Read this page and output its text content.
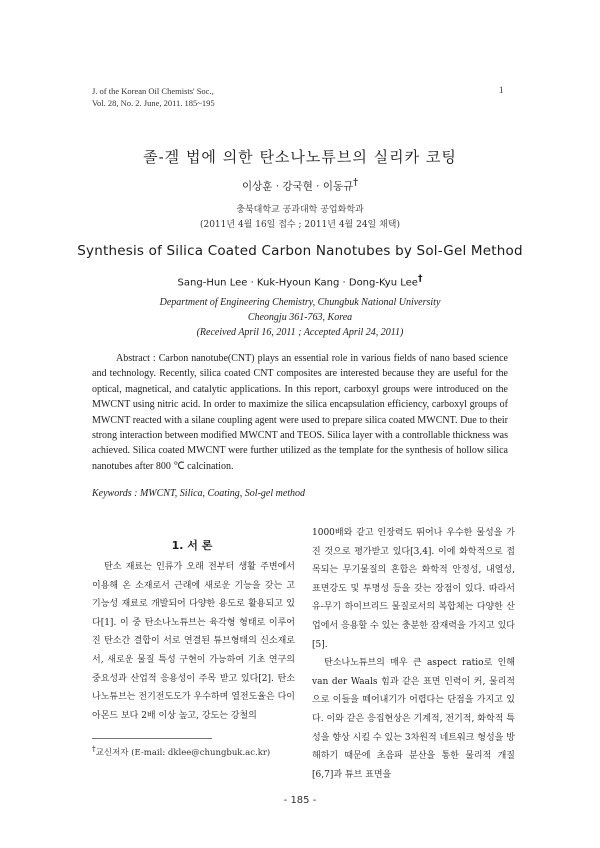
J. of the Korean Oil Chemists' Soc.,
Vol. 28, No. 2. June, 2011. 185~195
1
졸-겔 법에 의한 탄소나노튜브의 실리카 코팅
이상훈 · 강국현 · 이동규†
충북대학교 공과대학 공업화학과
(2011년 4월 16일 접수 ; 2011년 4월 24일 채택)
Synthesis of Silica Coated Carbon Nanotubes by Sol-Gel Method
Sang-Hun Lee · Kuk-Hyoun Kang · Dong-Kyu Lee†
Department of Engineering Chemistry, Chungbuk National University
Cheongju 361-763, Korea
(Received April 16, 2011 ; Accepted April 24, 2011)
Abstract : Carbon nanotube(CNT) plays an essential role in various fields of nano based science and technology. Recently, silica coated CNT composites are interested because they are useful for the optical, magnetical, and catalytic applications. In this report, carboxyl groups were introduced on the MWCNT using nitric acid. In order to maximize the silica encapsulation efficiency, carboxyl groups of MWCNT reacted with a silane coupling agent were used to prepare silica coated MWCNT. Due to their strong interaction between modified MWCNT and TEOS. Silica layer with a controllable thickness was achieved. Silica coated MWCNT were further utilized as the template for the synthesis of hollow silica nanotubes after 800 ℃ calcination.
Keywords : MWCNT, Silica, Coating, Sol-gel method
1. 서 론

탄소 재료는 인류가 오래 전부터 생활 주변에서 이용해 온 소재로서 근래에 새로운 기능을 갖는 고 기능성 재료로 개발되어 다양한 용도로 활용되고 있다[1]. 이 중 탄소나노튜브는 육각형 형태로 이루어진 탄소간 결합이 서로 연결된 튜브형태의 신소재로서, 새로운 물질 특성 구현이 가능하여 기초 연구의 중요성과 산업적 응용성이 주목 받고 있다[2]. 탄소나노튜브는 전기전도도가 우수하며 열전도율은 다이아몬드 보다 2배 이상 높고, 강도는 강철의

1000배와 같고 인장력도 뛰어나 우수한 물성을 가진 것으로 평가받고 있다[3,4]. 이에 화학적으로 접목되는 무기물질의 혼합은 화학적 안정성, 내열성, 표면강도 및 투명성 등을 갖는 장점이 있다. 따라서 유-무기 하이브리드 물질로서의 복합체는 다양한 산업에서 응용할 수 있는 충분한 잠재력을 가지고 있다[5].

탄소나노튜브의 매우 큰 aspect ratio로 인해 van der Waals 힘과 같은 표면 인력이 커, 물리적으로 이들을 떼어내기가 어렵다는 단점을 가지고 있다. 이와 같은 응집현상은 기계적, 전기적, 화학적 특성을 향상 시킬 수 있는 3차원적 네트워크 형성을 방해하기 때문에 초음파 분산을 통한 물리적 개질[6,7]과 튜브 표면을

†교신저자 (E-mail: dklee@chungbuk.ac.kr)
- 185 -
